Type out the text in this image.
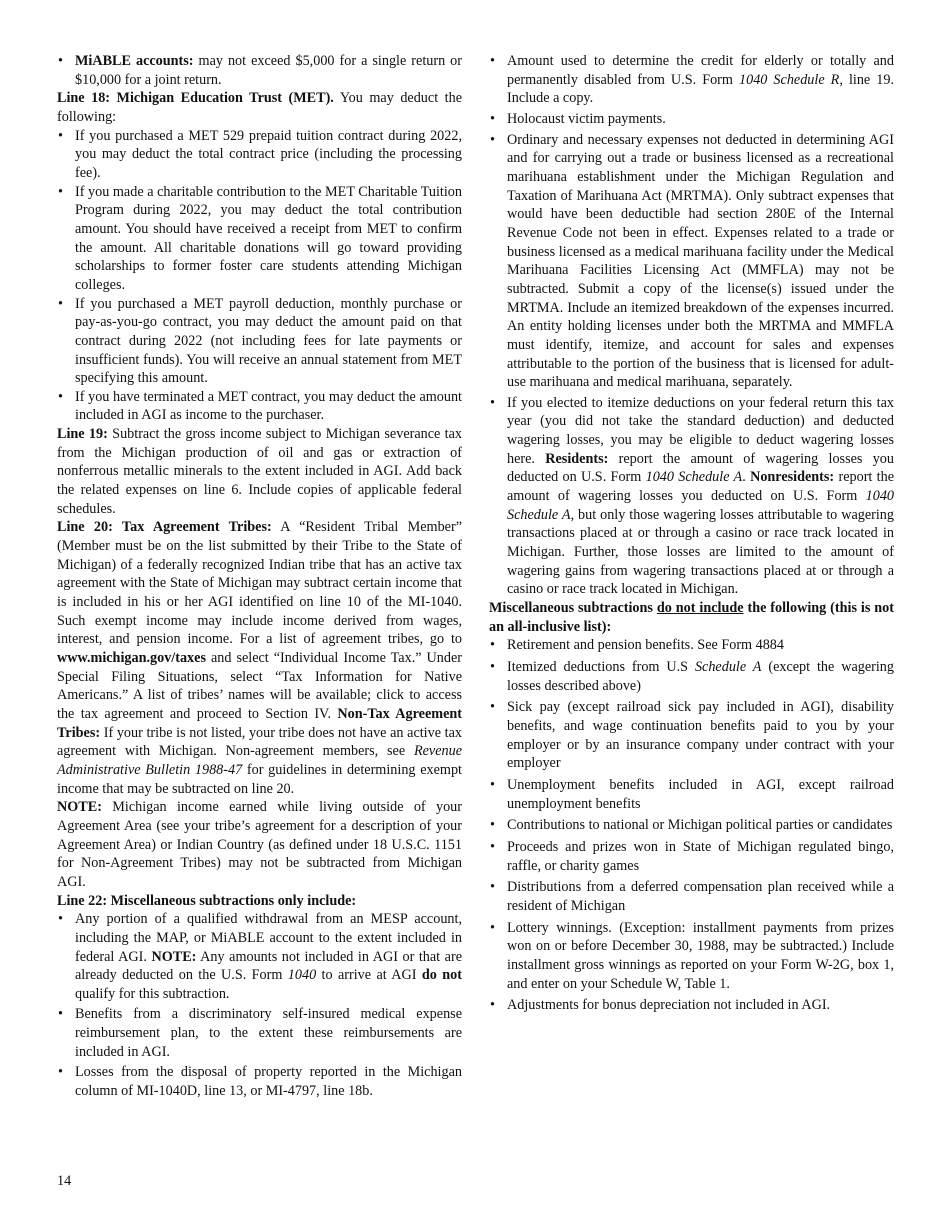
• MiABLE accounts: may not exceed $5,000 for a single return or $10,000 for a joint return.

Line 18: Michigan Education Trust (MET). You may deduct the following:

• If you purchased a MET 529 prepaid tuition contract during 2022, you may deduct the total contract price (including the processing fee).
• If you made a charitable contribution to the MET Charitable Tuition Program during 2022, you may deduct the total contribution amount. You should have received a receipt from MET to confirm the amount. All charitable donations will go toward providing scholarships to former foster care students attending Michigan colleges.
• If you purchased a MET payroll deduction, monthly purchase or pay-as-you-go contract, you may deduct the amount paid on that contract during 2022 (not including fees for late payments or insufficient funds). You will receive an annual statement from MET specifying this amount.
• If you have terminated a MET contract, you may deduct the amount included in AGI as income to the purchaser.

Line 19: Subtract the gross income subject to Michigan severance tax from the Michigan production of oil and gas or extraction of nonferrous metallic minerals to the extent included in AGI. Add back the related expenses on line 6. Include copies of applicable federal schedules.

Line 20: Tax Agreement Tribes: A “Resident Tribal Member” (Member must be on the list submitted by their Tribe to the State of Michigan) of a federally recognized Indian tribe that has an active tax agreement with the State of Michigan may subtract certain income that is included in his or her AGI identified on line 10 of the MI-1040. Such exempt income may include income derived from wages, interest, and pension income. For a list of agreement tribes, go to www.michigan.gov/taxes and select “Individual Income Tax.” Under Special Filing Situations, select “Tax Information for Native Americans.” A list of tribes’ names will be available; click to access the tax agreement and proceed to Section IV. Non-Tax Agreement Tribes: If your tribe is not listed, your tribe does not have an active tax agreement with Michigan. Non-agreement members, see Revenue Administrative Bulletin 1988-47 for guidelines in determining exempt income that may be subtracted on line 20.

NOTE: Michigan income earned while living outside of your Agreement Area (see your tribe’s agreement for a description of your Agreement Area) or Indian Country (as defined under 18 U.S.C. 1151 for Non-Agreement Tribes) may not be subtracted from Michigan AGI.

Line 22: Miscellaneous subtractions only include:

• Any portion of a qualified withdrawal from an MESP account, including the MAP, or MiABLE account to the extent included in federal AGI. NOTE: Any amounts not included in AGI or that are already deducted on the U.S. Form 1040 to arrive at AGI do not qualify for this subtraction.
• Benefits from a discriminatory self-insured medical expense reimbursement plan, to the extent these reimbursements are included in AGI.
• Losses from the disposal of property reported in the Michigan column of MI-1040D, line 13, or MI-4797, line 18b.
• Amount used to determine the credit for elderly or totally and permanently disabled from U.S. Form 1040 Schedule R, line 19. Include a copy.
• Holocaust victim payments.
• Ordinary and necessary expenses not deducted in determining AGI and for carrying out a trade or business licensed as a recreational marihuana establishment under the Michigan Regulation and Taxation of Marihuana Act (MRTMA). Only subtract expenses that would have been deductible had section 280E of the Internal Revenue Code not been in effect. Expenses related to a trade or business licensed as a medical marihuana facility under the Medical Marihuana Facilities Licensing Act (MMFLA) may not be subtracted. Submit a copy of the license(s) issued under the MRTMA. Include an itemized breakdown of the expenses incurred. An entity holding licenses under both the MRTMA and MMFLA must identify, itemize, and account for sales and expenses attributable to the portion of the business that is licensed for adult-use marihuana and medical marihuana, separately.
• If you elected to itemize deductions on your federal return this tax year (you did not take the standard deduction) and deducted wagering losses, you may be eligible to deduct wagering losses here. Residents: report the amount of wagering losses you deducted on U.S. Form 1040 Schedule A. Nonresidents: report the amount of wagering losses you deducted on U.S. Form 1040 Schedule A, but only those wagering losses attributable to wagering transactions placed at or through a casino or race track located in Michigan. Further, those losses are limited to the amount of wagering gains from wagering transactions placed at or through a casino or race track located in Michigan.

Miscellaneous subtractions do not include the following (this is not an all-inclusive list):

• Retirement and pension benefits. See Form 4884
• Itemized deductions from U.S Schedule A (except the wagering losses described above)
• Sick pay (except railroad sick pay included in AGI), disability benefits, and wage continuation benefits paid to you by your employer or by an insurance company under contract with your employer
• Unemployment benefits included in AGI, except railroad unemployment benefits
• Contributions to national or Michigan political parties or candidates
• Proceeds and prizes won in State of Michigan regulated bingo, raffle, or charity games
• Distributions from a deferred compensation plan received while a resident of Michigan
• Lottery winnings. (Exception: installment payments from prizes won on or before December 30, 1988, may be subtracted.) Include installment gross winnings as reported on your Form W-2G, box 1, and enter on your Schedule W, Table 1.
• Adjustments for bonus depreciation not included in AGI.
14
